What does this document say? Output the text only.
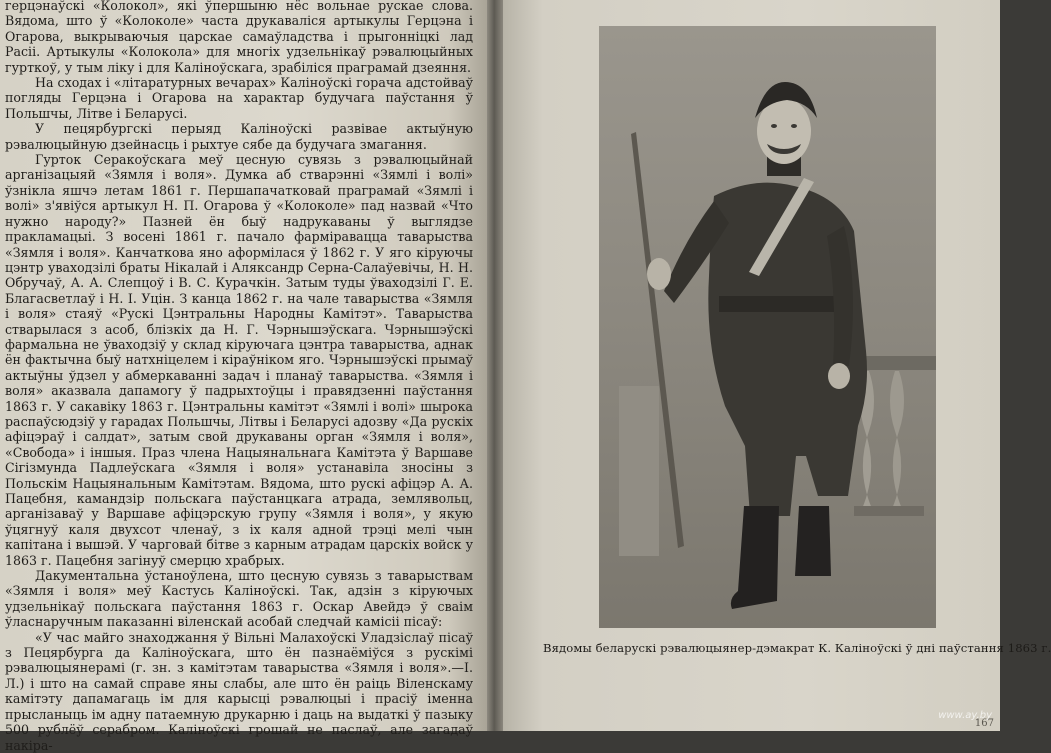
герцэнаўскі «Колокол», які ўпершыню нёс вольнае рускае слова. Вядома, што ў «Колоколе» часта друкаваліся артыкулы Герцэна і Огарова, выкрываючыя царскае самаўладства і прыгонніцкі лад Расіі. Артыкулы «Колокола» для многіх удзельнікаў рэвалюцыйных гурткоў, у тым ліку і для Каліноўскага, зрабіліся праграмай дзеяння.

На сходах і «літаратурных вечарах» Каліноўскі горача адстойваў погляды Герцэна і Огарова на характар будучага паўстання ў Польшчы, Літве і Беларусі.

У пецярбургскі перыяд Каліноўскі развівае актыўную рэвалюцыйную дзейнасць і рыхтуе сябе да будучага змагання.

Гурток Серакоўскага меў цесную сувязь з рэвалюцыйнай арганізацыяй «Зямля і воля». Думка аб стварэнні «Зямлі і волі» ўзнікла яшчэ летам 1861 г. Першапачатковай праграмай «Зямлі і волі» з'явіўся артыкул Н. П. Огарова ў «Колоколе» пад назвай «Что нужно народу?» Пазней ён быў надрукаваны ў выглядзе пракламацыі. З восені 1861 г. пачало фарміравацца таварыства «Зямля і воля». Канчаткова яно аформілася ў 1862 г. У яго кіруючы цэнтр уваходзілі браты Нікалай і Аляксандр Серна-Салаўевічы, Н. Н. Обручаў, А. А. Слепцоў і В. С. Курачкін. Затым туды ўваходзілі Г. Е. Благасветлаў і Н. І. Уцін. З канца 1862 г. на чале таварыства «Зямля і воля» стаяў «Рускі Цэнтральны Народны Камітэт». Таварыства стварылася з асоб, блізкіх да Н. Г. Чэрнышэўскага. Чэрнышэўскі фармальна не ўваходзіў у склад кіруючага цэнтра таварыства, аднак ён фактычна быў натхніцелем і кіраўніком яго. Чэрнышэўскі прымаў актыўны ўдзел у абмеркаванні задач і планаў таварыства. «Зямля і воля» аказвала дапамогу ў падрыхтоўцы і правядзенні паўстання 1863 г. У сакавіку 1863 г. Цэнтральны камітэт «Зямлі і волі» шырока распаўсюдзіў у гарадах Польшчы, Літвы і Беларусі адозву «Да рускіх афіцэраў і салдат», затым свой друкаваны орган «Зямля і воля», «Свобода» і іншыя. Праз члена Нацыянальнага Камітэта ў Варшаве Сігізмунда Падлеўскага «Зямля і воля» устанавіла зносіны з Польскім Нацыянальным Камітэтам. Вядома, што рускі афіцэр А. А. Пацебня, камандзір польскага паўстанцкага атрада, землявольц, арганізаваў у Варшаве афіцэрскую групу «Зямля і воля», у якую ўцягнуў каля двухсот членаў, з іх каля адной трэці мелі чын капітана і вышэй. У чарговай бітве з карным атрадам царскіх войск у 1863 г. Пацебня загінуў смерцю храбрых.

Дакументальна ўстаноўлена, што цесную сувязь з таварыствам «Зямля і воля» меў Кастусь Каліноўскі. Так, адзін з кіруючых удзельнікаў польскага паўстання 1863 г. Оскар Авейдэ ў сваім ўласнаручным паказанні віленскай асобай следчай камісіі пісаў:

«У час майго знаходжання ў Вільні Малахоўскі Уладзіслаў пісаў з Пецярбурга да Каліноўскага, што ён пазнаёміўся з рускімі рэвалюцыянерамі (г. зн. з камітэтам таварыства «Зямля і воля».—І. Л.) і што на самай справе яны слабы, але што ён раіць Віленскаму камітэту дапамагаць ім для карысці рэвалюцыі і прасіў іменна прысланыць ім адну патаемную друкарню і даць на выдаткі ў пазыку 500 рублёў серабром. Каліноўскі грошай не паслаў, але загадаў накіра-

Вядомы беларускі рэвалюцыянер-дэмакрат К. Каліноўскі ў дні паўстання 1863 г.
167
www.ay.by
